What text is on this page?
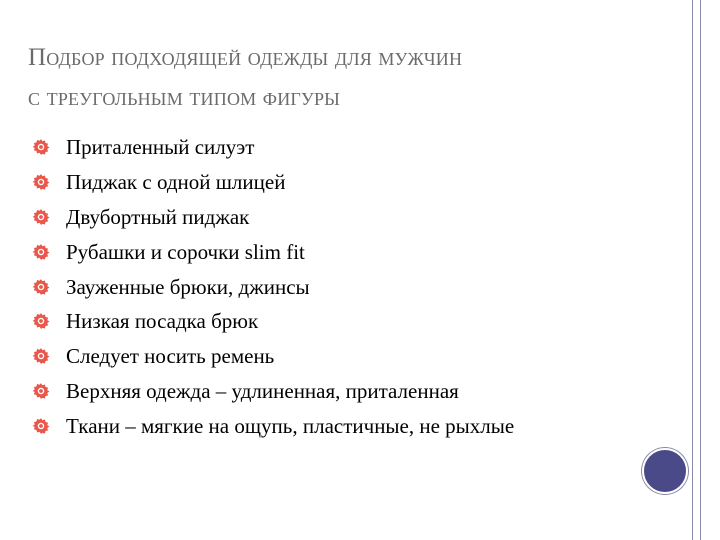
Подбор подходящей одежды для мужчин
с треугольным типом фигуры
Приталенный силуэт
Пиджак с одной шлицей
Двубортный пиджак
Рубашки и сорочки slim fit
Зауженные брюки, джинсы
Низкая посадка брюк
Следует носить ремень
Верхняя одежда – удлиненная, приталенная
Ткани – мягкие на ощупь, пластичные, не рыхлые
